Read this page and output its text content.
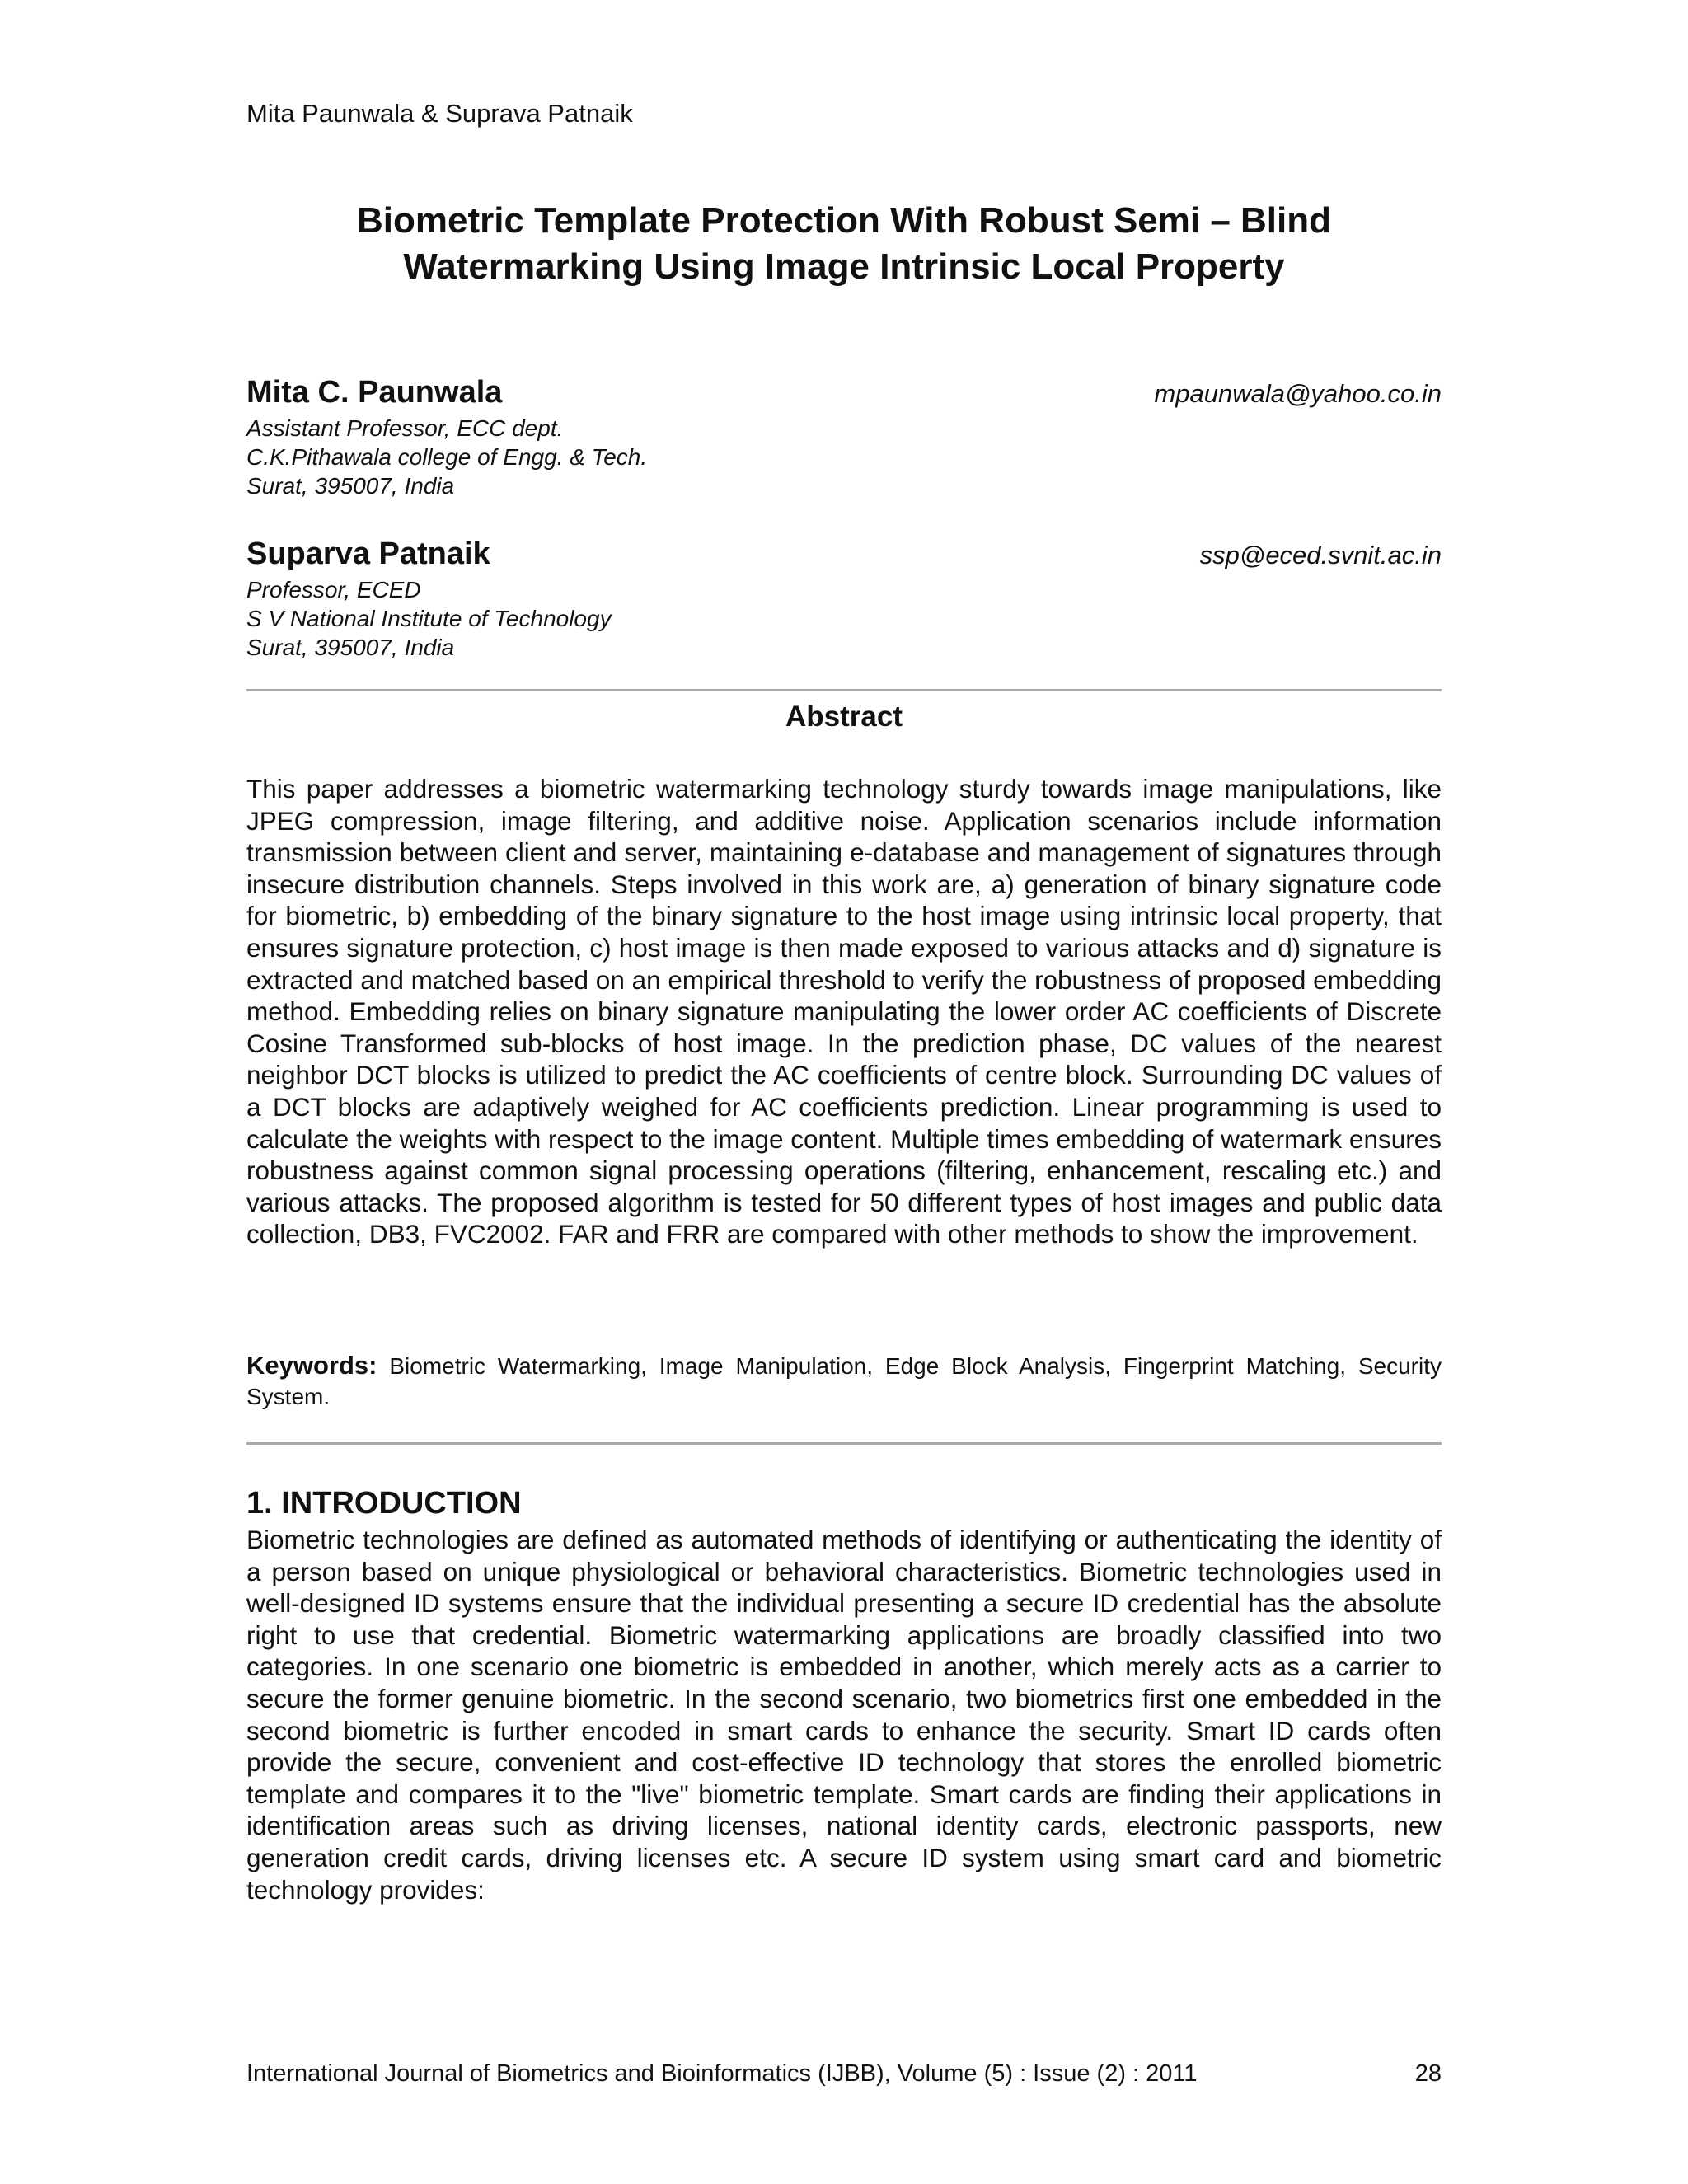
Mita Paunwala & Suprava Patnaik
Biometric Template Protection With Robust Semi – Blind
Watermarking Using Image Intrinsic Local Property
Mita C. Paunwala	mpaunwala@yahoo.co.in
Assistant Professor, ECC dept.
C.K.Pithawala college of Engg. & Tech.
Surat, 395007, India
Suparva Patnaik	ssp@eced.svnit.ac.in
Professor, ECED
S V National Institute of Technology
Surat, 395007, India
Abstract

This paper addresses a biometric watermarking technology sturdy towards image manipulations, like JPEG compression, image filtering, and additive noise. Application scenarios include information transmission between client and server, maintaining e-database and management of signatures through insecure distribution channels. Steps involved in this work are, a) generation of binary signature code for biometric, b) embedding of the binary signature to the host image using intrinsic local property, that ensures signature protection, c) host image is then made exposed to various attacks and d) signature is extracted and matched based on an empirical threshold to verify the robustness of proposed embedding method. Embedding relies on binary signature manipulating the lower order AC coefficients of Discrete Cosine Transformed sub-blocks of host image. In the prediction phase, DC values of the nearest neighbor DCT blocks is utilized to predict the AC coefficients of centre block. Surrounding DC values of a DCT blocks are adaptively weighed for AC coefficients prediction. Linear programming is used to calculate the weights with respect to the image content. Multiple times embedding of watermark ensures robustness against common signal processing operations (filtering, enhancement, rescaling etc.) and various attacks. The proposed algorithm is tested for 50 different types of host images and public data collection, DB3, FVC2002. FAR and FRR are compared with other methods to show the improvement.

Keywords: Biometric Watermarking, Image Manipulation, Edge Block Analysis, Fingerprint Matching, Security System.

1. INTRODUCTION

Biometric technologies are defined as automated methods of identifying or authenticating the identity of a person based on unique physiological or behavioral characteristics. Biometric technologies used in well-designed ID systems ensure that the individual presenting a secure ID credential has the absolute right to use that credential. Biometric watermarking applications are broadly classified into two categories. In one scenario one biometric is embedded in another, which merely acts as a carrier to secure the former genuine biometric. In the second scenario, two biometrics first one embedded in the second biometric is further encoded in smart cards to enhance the security. Smart ID cards often provide the secure, convenient and cost-effective ID technology that stores the enrolled biometric template and compares it to the "live" biometric template. Smart cards are finding their applications in identification areas such as driving licenses, national identity cards, electronic passports, new generation credit cards, driving licenses etc. A secure ID system using smart card and biometric technology provides:

International Journal of Biometrics and Bioinformatics (IJBB), Volume (5) : Issue (2) : 2011	28
